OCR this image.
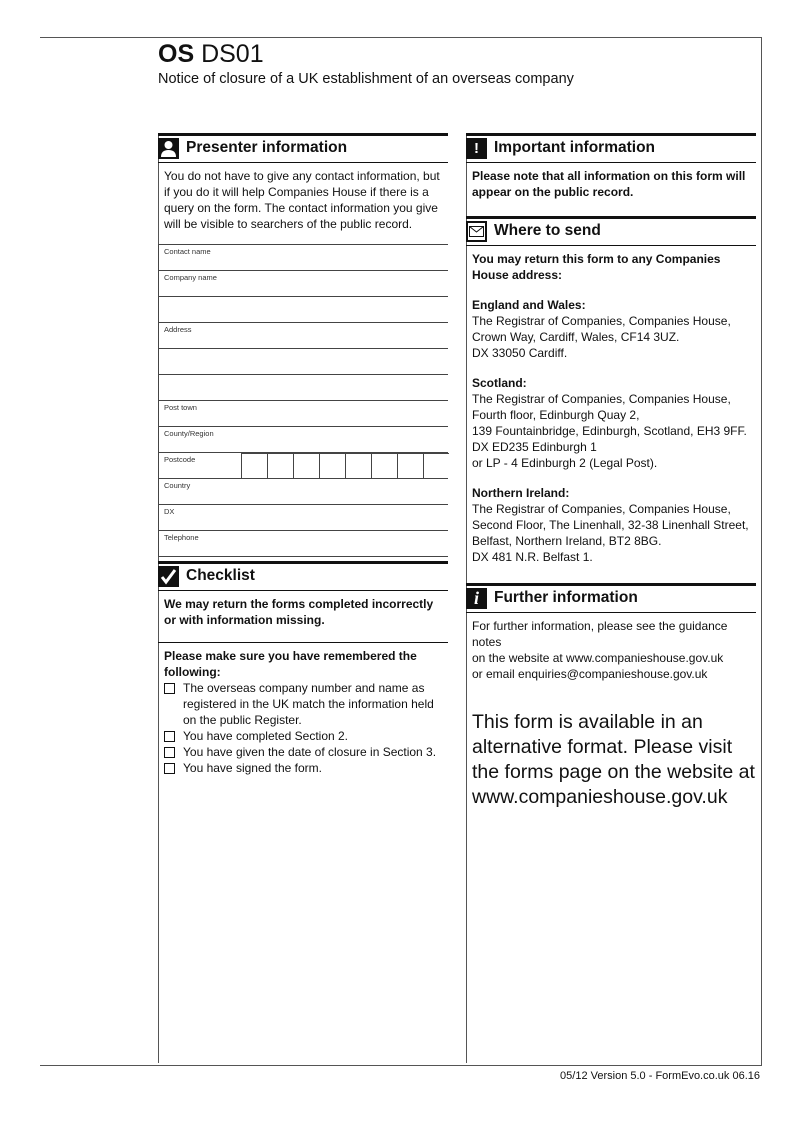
OS DS01
Notice of closure of a UK establishment of an overseas company
Presenter information
You do not have to give any contact information, but if you do it will help Companies House if there is a query on the form. The contact information you give will be visible to searchers of the public record.
Contact name
Company name
Address
Post town
County/Region
Postcode
Country
DX
Telephone
Checklist
We may return the forms completed incorrectly or with information missing.
Please make sure you have remembered the following:
The overseas company number and name as registered in the UK match the information held on the public Register.
You have completed Section 2.
You have given the date of closure in Section 3.
You have signed the form.
! Important information
Please note that all information on this form will appear on the public record.
Where to send
You may return this form to any Companies House address:
England and Wales:
The Registrar of Companies, Companies House,
Crown Way, Cardiff, Wales, CF14 3UZ.
DX 33050 Cardiff.
Scotland:
The Registrar of Companies, Companies House,
Fourth floor, Edinburgh Quay 2,
139 Fountainbridge, Edinburgh, Scotland, EH3 9FF.
DX ED235 Edinburgh 1
or LP - 4 Edinburgh 2 (Legal Post).
Northern Ireland:
The Registrar of Companies, Companies House,
Second Floor, The Linenhall, 32-38 Linenhall Street,
Belfast, Northern Ireland, BT2 8BG.
DX 481 N.R. Belfast 1.
i Further information
For further information, please see the guidance notes
on the website at www.companieshouse.gov.uk
or email enquiries@companieshouse.gov.uk
This form is available in an alternative format. Please visit the forms page on the website at www.companieshouse.gov.uk
05/12 Version 5.0 - FormEvo.co.uk 06.16
